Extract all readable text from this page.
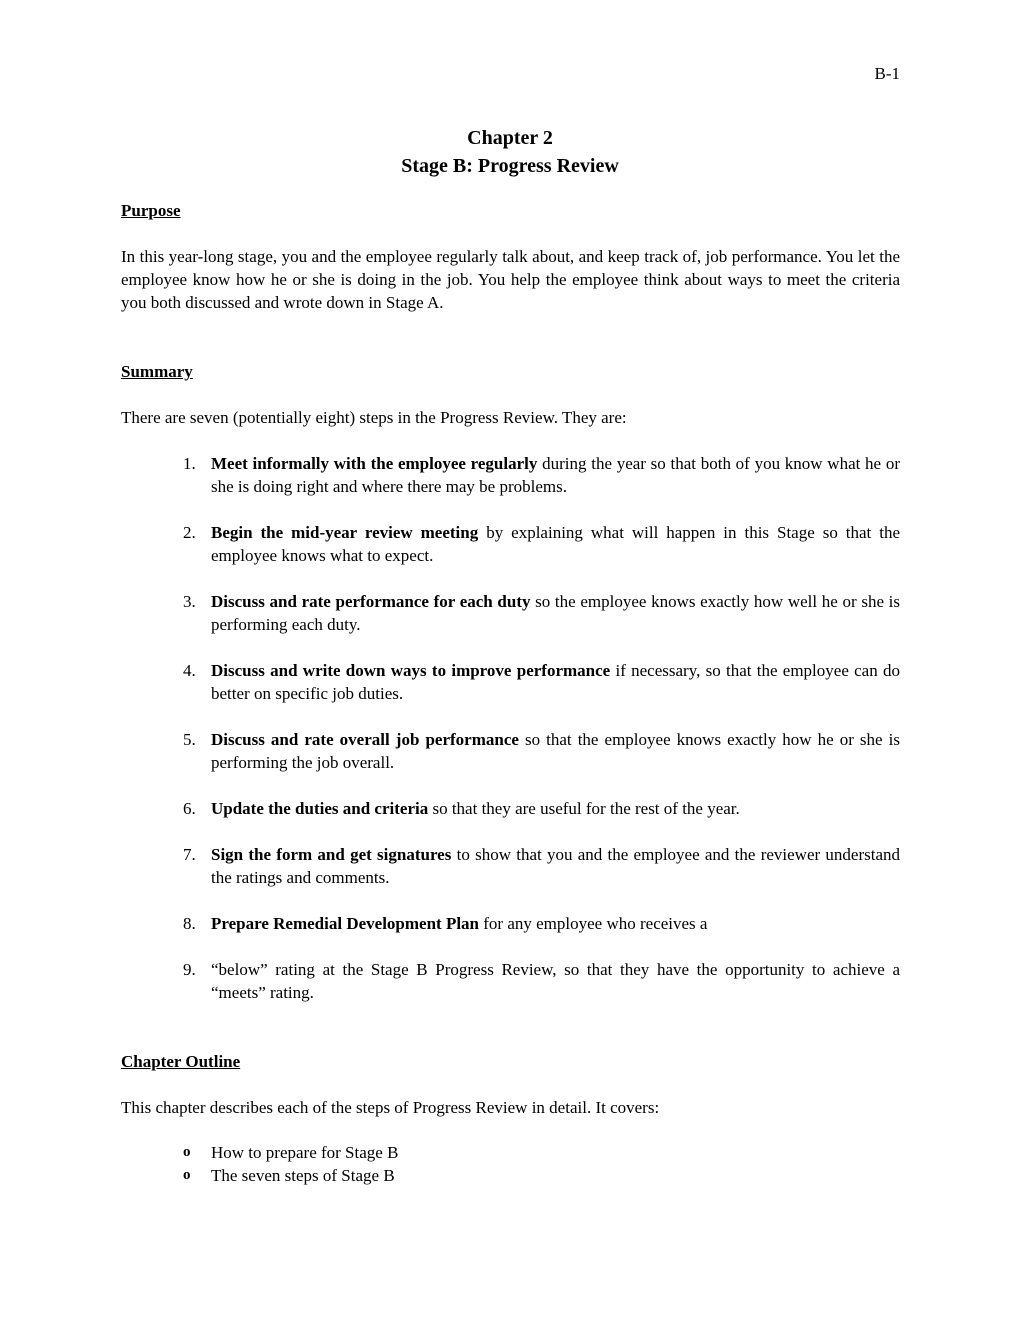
B-1
Chapter 2
Stage B: Progress Review
Purpose
In this year-long stage, you and the employee regularly talk about, and keep track of, job performance. You let the employee know how he or she is doing in the job. You help the employee think about ways to meet the criteria you both discussed and wrote down in Stage A.
Summary
There are seven (potentially eight) steps in the Progress Review. They are:
1. Meet informally with the employee regularly during the year so that both of you know what he or she is doing right and where there may be problems.
2. Begin the mid-year review meeting by explaining what will happen in this Stage so that the employee knows what to expect.
3. Discuss and rate performance for each duty so the employee knows exactly how well he or she is performing each duty.
4. Discuss and write down ways to improve performance if necessary, so that the employee can do better on specific job duties.
5. Discuss and rate overall job performance so that the employee knows exactly how he or she is performing the job overall.
6. Update the duties and criteria so that they are useful for the rest of the year.
7. Sign the form and get signatures to show that you and the employee and the reviewer understand the ratings and comments.
8. Prepare Remedial Development Plan for any employee who receives a
9. “below” rating at the Stage B Progress Review, so that they have the opportunity to achieve a “meets” rating.
Chapter Outline
This chapter describes each of the steps of Progress Review in detail. It covers:
o How to prepare for Stage B
o The seven steps of Stage B
